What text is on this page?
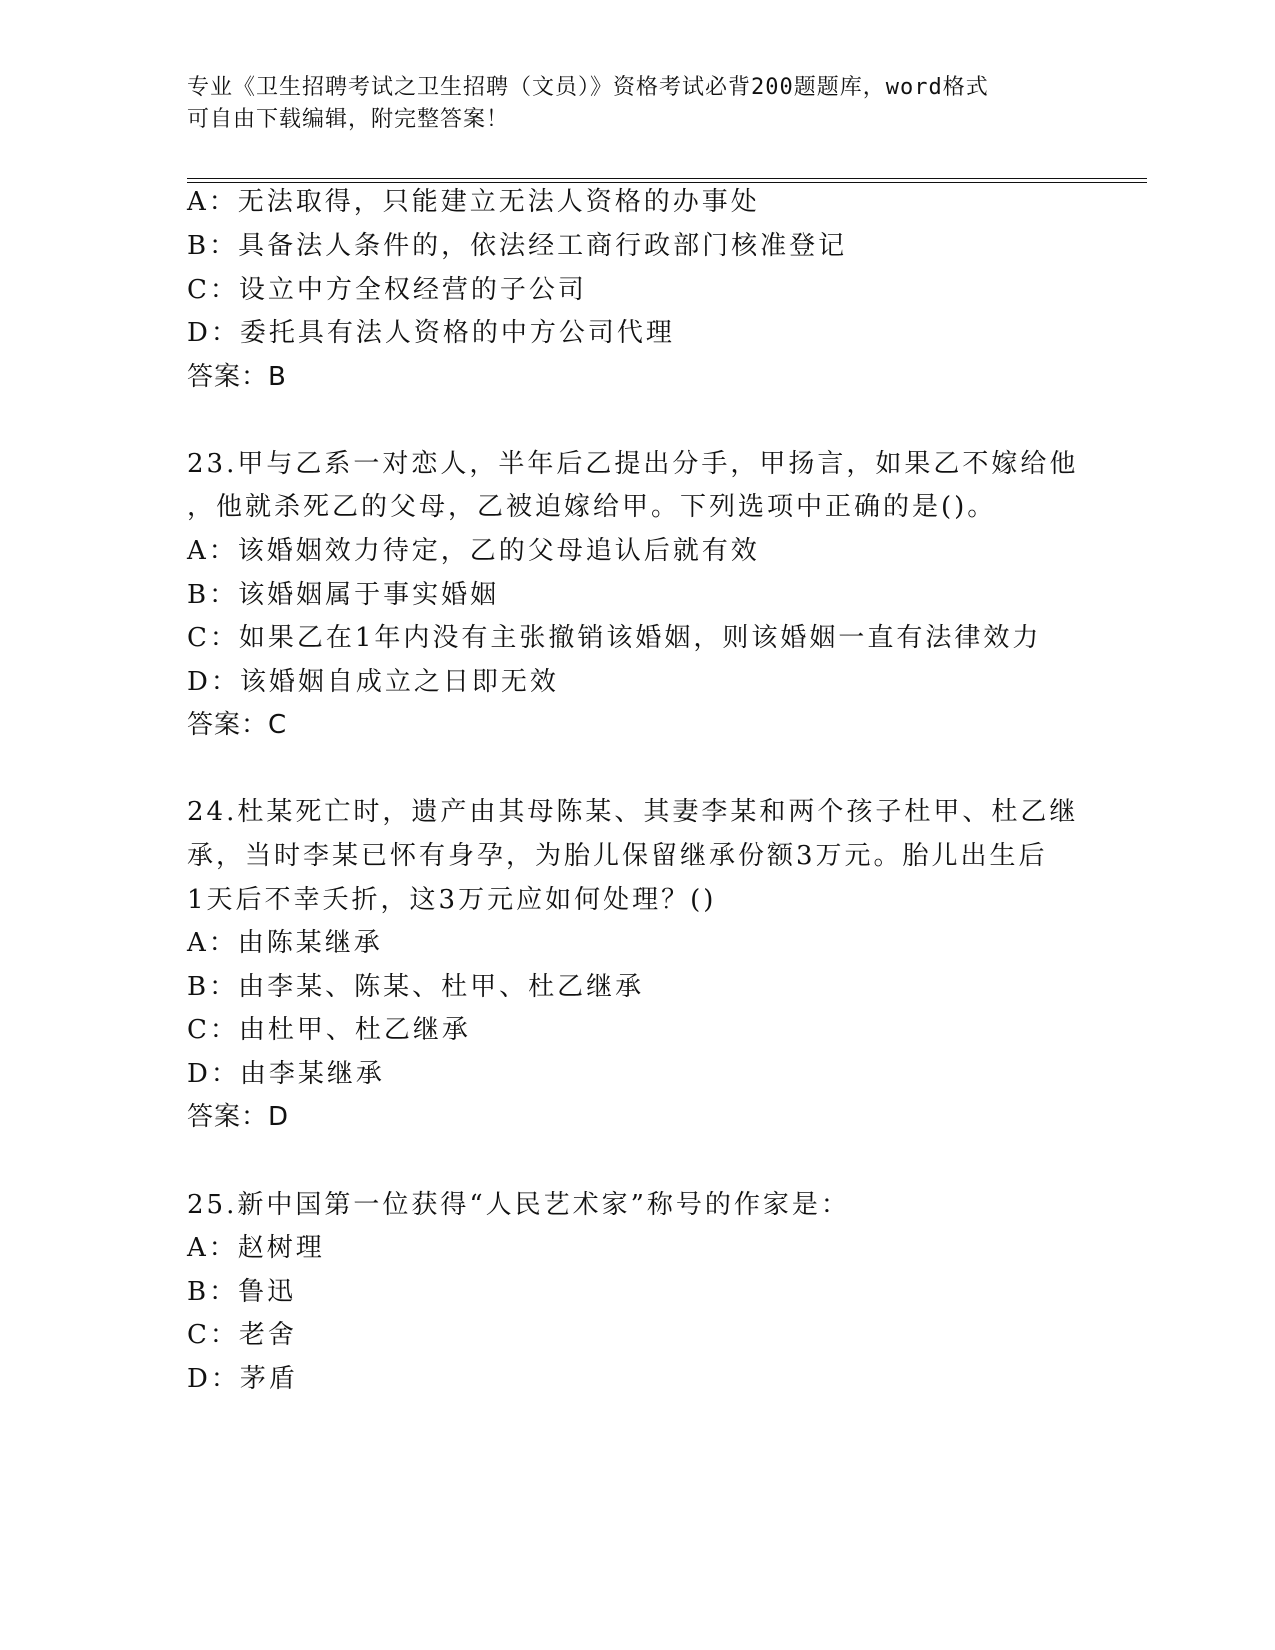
专业《卫生招聘考试之卫生招聘（文员）》资格考试必背200题题库，word格式
可自由下载编辑，附完整答案！
A：无法取得，只能建立无法人资格的办事处
B：具备法人条件的，依法经工商行政部门核准登记
C：设立中方全权经营的子公司
D：委托具有法人资格的中方公司代理
答案：B
23.甲与乙系一对恋人，半年后乙提出分手，甲扬言，如果乙不嫁给他
，他就杀死乙的父母，乙被迫嫁给甲。下列选项中正确的是()。
A：该婚姻效力待定，乙的父母追认后就有效
B：该婚姻属于事实婚姻
C：如果乙在1年内没有主张撤销该婚姻，则该婚姻一直有法律效力
D：该婚姻自成立之日即无效
答案：C
24.杜某死亡时，遗产由其母陈某、其妻李某和两个孩子杜甲、杜乙继
承，当时李某已怀有身孕，为胎儿保留继承份额3万元。胎儿出生后
1天后不幸夭折，这3万元应如何处理？()
A：由陈某继承
B：由李某、陈某、杜甲、杜乙继承
C：由杜甲、杜乙继承
D：由李某继承
答案：D
25.新中国第一位获得“人民艺术家”称号的作家是：
A：赵树理
B：鲁迅
C：老舍
D：茅盾
